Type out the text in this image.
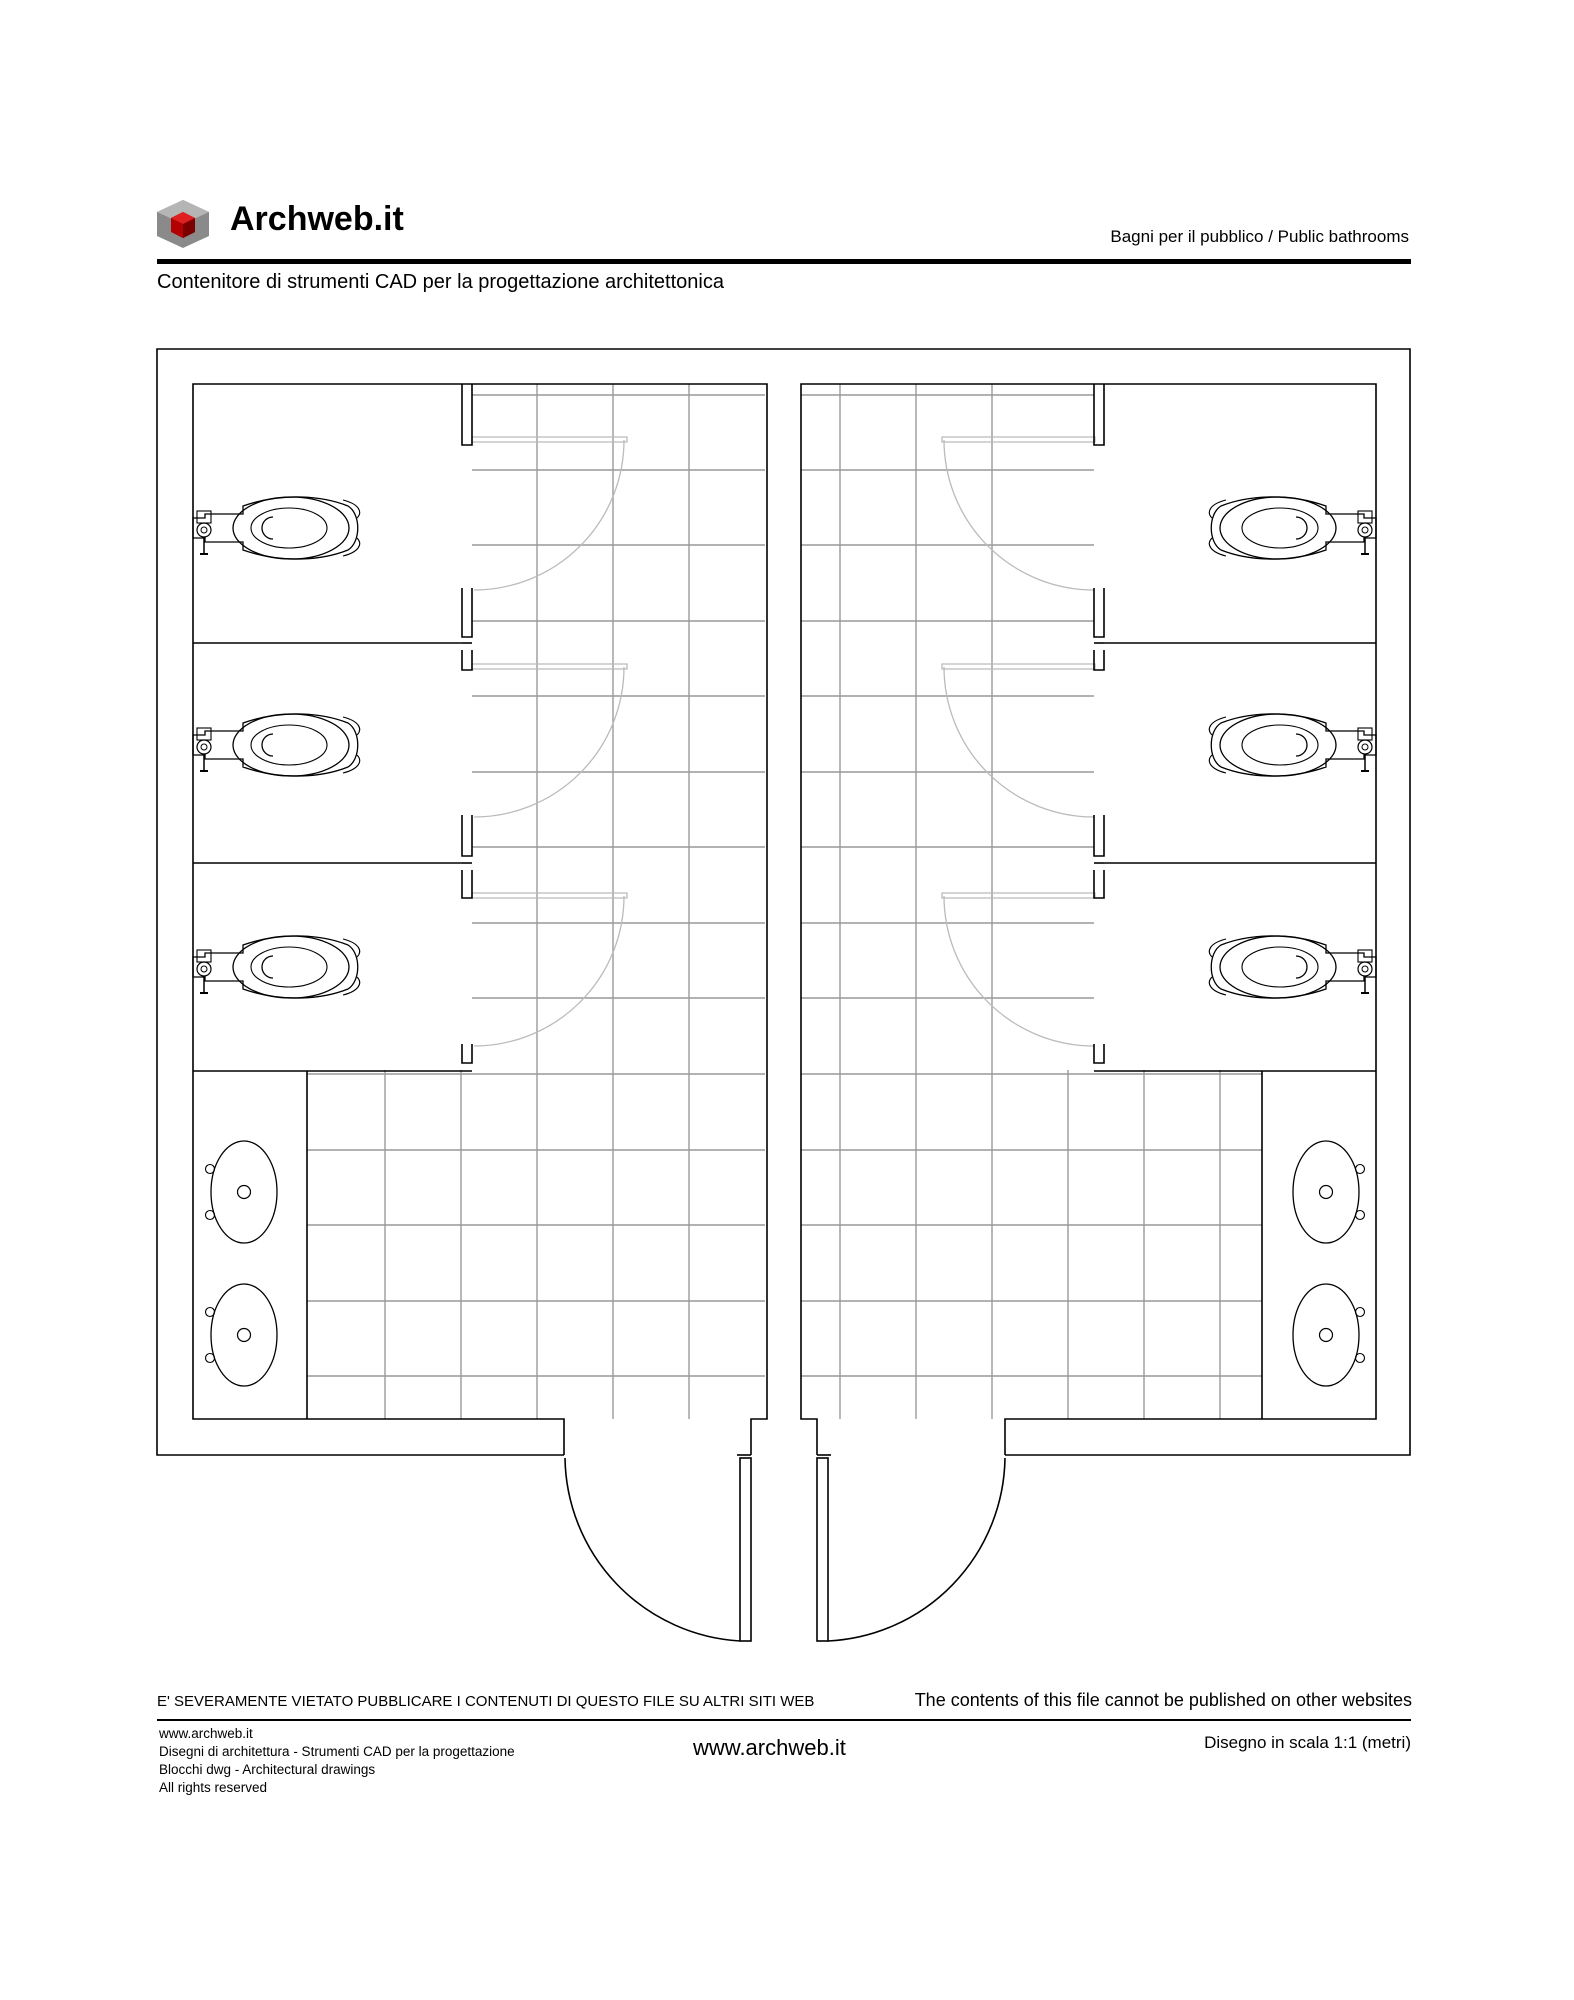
Archweb.it	Bagni per il pubblico / Public bathrooms
Contenitore di strumenti CAD per la progettazione architettonica
E' SEVERAMENTE VIETATO PUBBLICARE I CONTENUTI DI QUESTO FILE SU ALTRI SITI WEB	The contents of this file cannot be published on other websites
www.archweb.it
Disegni di architettura - Strumenti CAD per la progettazione
Blocchi dwg - Architectural drawings
All rights reserved
www.archweb.it	Disegno in scala 1:1 (metri)
